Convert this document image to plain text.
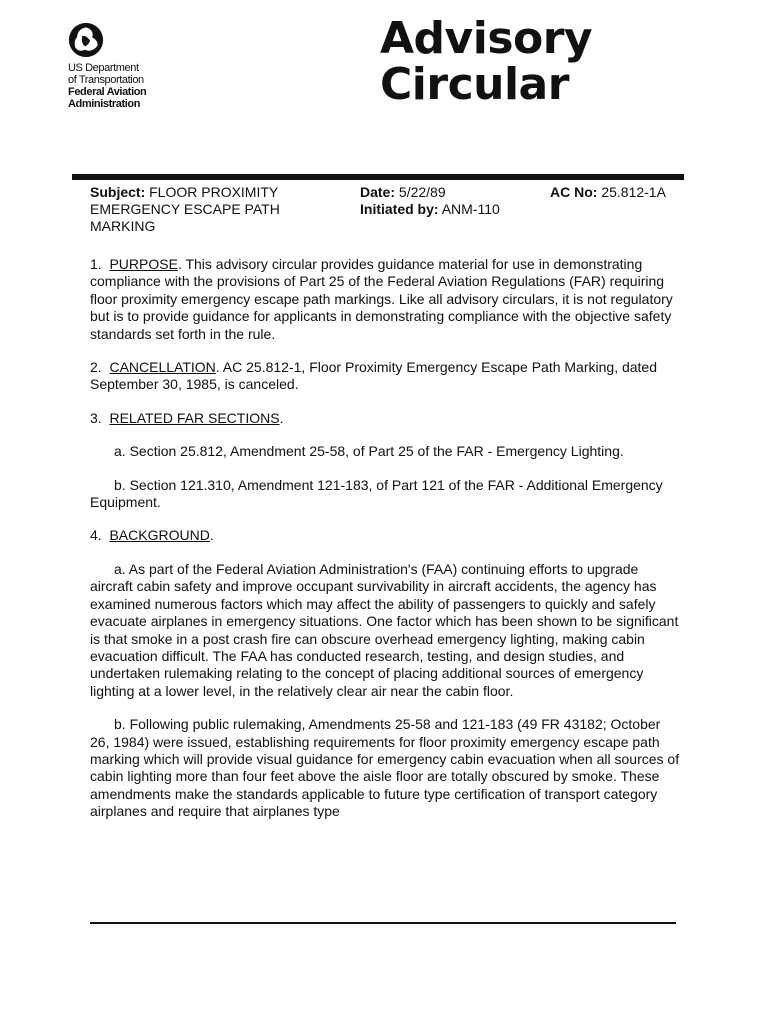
US Department
of Transportation
Federal Aviation
Administration
Advisory
Circular
Subject: FLOOR PROXIMITY EMERGENCY ESCAPE PATH MARKING
Date: 5/22/89
Initiated by: ANM-110
AC No: 25.812-1A

1. PURPOSE. This advisory circular provides guidance material for use in demonstrating compliance with the provisions of Part 25 of the Federal Aviation Regulations (FAR) requiring floor proximity emergency escape path markings. Like all advisory circulars, it is not regulatory but is to provide guidance for applicants in demonstrating compliance with the objective safety standards set forth in the rule.

2. CANCELLATION. AC 25.812-1, Floor Proximity Emergency Escape Path Marking, dated September 30, 1985, is canceled.

3. RELATED FAR SECTIONS.

a. Section 25.812, Amendment 25-58, of Part 25 of the FAR - Emergency Lighting.

b. Section 121.310, Amendment 121-183, of Part 121 of the FAR - Additional Emergency Equipment.

4. BACKGROUND.

a. As part of the Federal Aviation Administration's (FAA) continuing efforts to upgrade aircraft cabin safety and improve occupant survivability in aircraft accidents, the agency has examined numerous factors which may affect the ability of passengers to quickly and safely evacuate airplanes in emergency situations. One factor which has been shown to be significant is that smoke in a post crash fire can obscure overhead emergency lighting, making cabin evacuation difficult. The FAA has conducted research, testing, and design studies, and undertaken rulemaking relating to the concept of placing additional sources of emergency lighting at a lower level, in the relatively clear air near the cabin floor.

b. Following public rulemaking, Amendments 25-58 and 121-183 (49 FR 43182; October 26, 1984) were issued, establishing requirements for floor proximity emergency escape path marking which will provide visual guidance for emergency cabin evacuation when all sources of cabin lighting more than four feet above the aisle floor are totally obscured by smoke. These amendments make the standards applicable to future type certification of transport category airplanes and require that airplanes type
